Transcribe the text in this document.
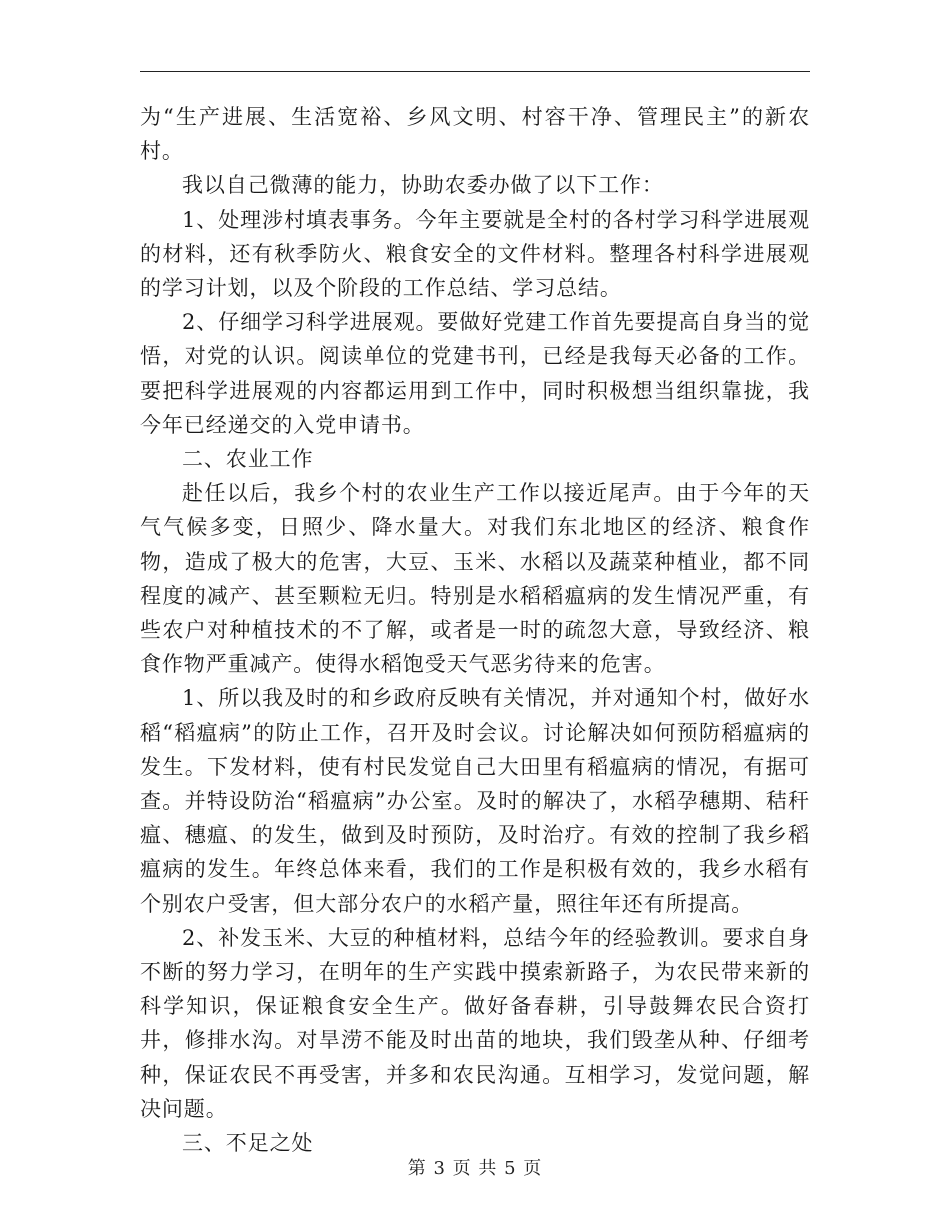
为“生产进展、生活宽裕、乡风文明、村容干净、管理民主”的新农村。

我以自己微薄的能力，协助农委办做了以下工作：

1、处理涉村填表事务。今年主要就是全村的各村学习科学进展观的材料，还有秋季防火、粮食安全的文件材料。整理各村科学进展观的学习计划，以及个阶段的工作总结、学习总结。

2、仔细学习科学进展观。要做好党建工作首先要提高自身当的觉悟，对党的认识。阅读单位的党建书刊，已经是我每天必备的工作。要把科学进展观的内容都运用到工作中，同时积极想当组织靠拢，我今年已经递交的入党申请书。

二、农业工作

赴任以后，我乡个村的农业生产工作以接近尾声。由于今年的天气气候多变，日照少、降水量大。对我们东北地区的经济、粮食作物，造成了极大的危害，大豆、玉米、水稻以及蔬菜种植业，都不同程度的减产、甚至颗粒无归。特别是水稻稻瘟病的发生情况严重，有些农户对种植技术的不了解，或者是一时的疏忽大意，导致经济、粮食作物严重减产。使得水稻饱受天气恶劣待来的危害。

1、所以我及时的和乡政府反映有关情况，并对通知个村，做好水稻“稻瘟病”的防止工作，召开及时会议。讨论解决如何预防稻瘟病的发生。下发材料，使有村民发觉自己大田里有稻瘟病的情况，有据可查。并特设防治“稻瘟病”办公室。及时的解决了，水稻孕穗期、秸秆瘟、穗瘟、的发生，做到及时预防，及时治疗。有效的控制了我乡稻瘟病的发生。年终总体来看，我们的工作是积极有效的，我乡水稻有个别农户受害，但大部分农户的水稻产量，照往年还有所提高。

2、补发玉米、大豆的种植材料，总结今年的经验教训。要求自身不断的努力学习，在明年的生产实践中摸索新路子，为农民带来新的科学知识，保证粮食安全生产。做好备春耕，引导鼓舞农民合资打井，修排水沟。对旱涝不能及时出苗的地块，我们毁垄从种、仔细考种，保证农民不再受害，并多和农民沟通。互相学习，发觉问题，解决问题。

三、不足之处

第 3 页 共 5 页
